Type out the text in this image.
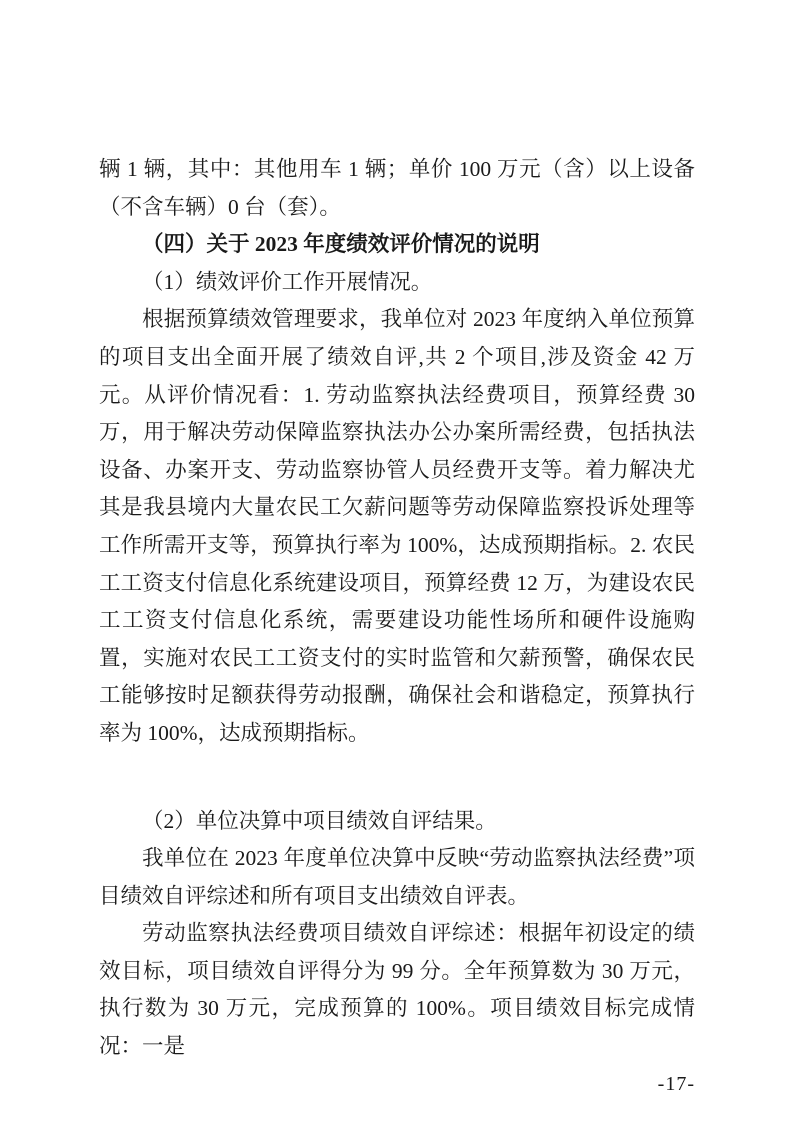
辆 1 辆，其中：其他用车 1 辆；单价 100 万元（含）以上设备（不含车辆）0 台（套）。

（四）关于 2023 年度绩效评价情况的说明

（1）绩效评价工作开展情况。

根据预算绩效管理要求，我单位对 2023 年度纳入单位预算的项目支出全面开展了绩效自评,共 2 个项目,涉及资金 42 万元。从评价情况看：1. 劳动监察执法经费项目，预算经费 30 万，用于解决劳动保障监察执法办公办案所需经费，包括执法设备、办案开支、劳动监察协管人员经费开支等。着力解决尤其是我县境内大量农民工欠薪问题等劳动保障监察投诉处理等工作所需开支等，预算执行率为 100%，达成预期指标。2. 农民工工资支付信息化系统建设项目，预算经费 12 万，为建设农民工工资支付信息化系统，需要建设功能性场所和硬件设施购置，实施对农民工工资支付的实时监管和欠薪预警，确保农民工能够按时足额获得劳动报酬，确保社会和谐稳定，预算执行率为 100%，达成预期指标。

（2）单位决算中项目绩效自评结果。

我单位在 2023 年度单位决算中反映“劳动监察执法经费”项目绩效自评综述和所有项目支出绩效自评表。

劳动监察执法经费项目绩效自评综述：根据年初设定的绩效目标，项目绩效自评得分为 99 分。全年预算数为 30 万元，执行数为 30 万元，完成预算的 100%。项目绩效目标完成情况：一是

-17-
